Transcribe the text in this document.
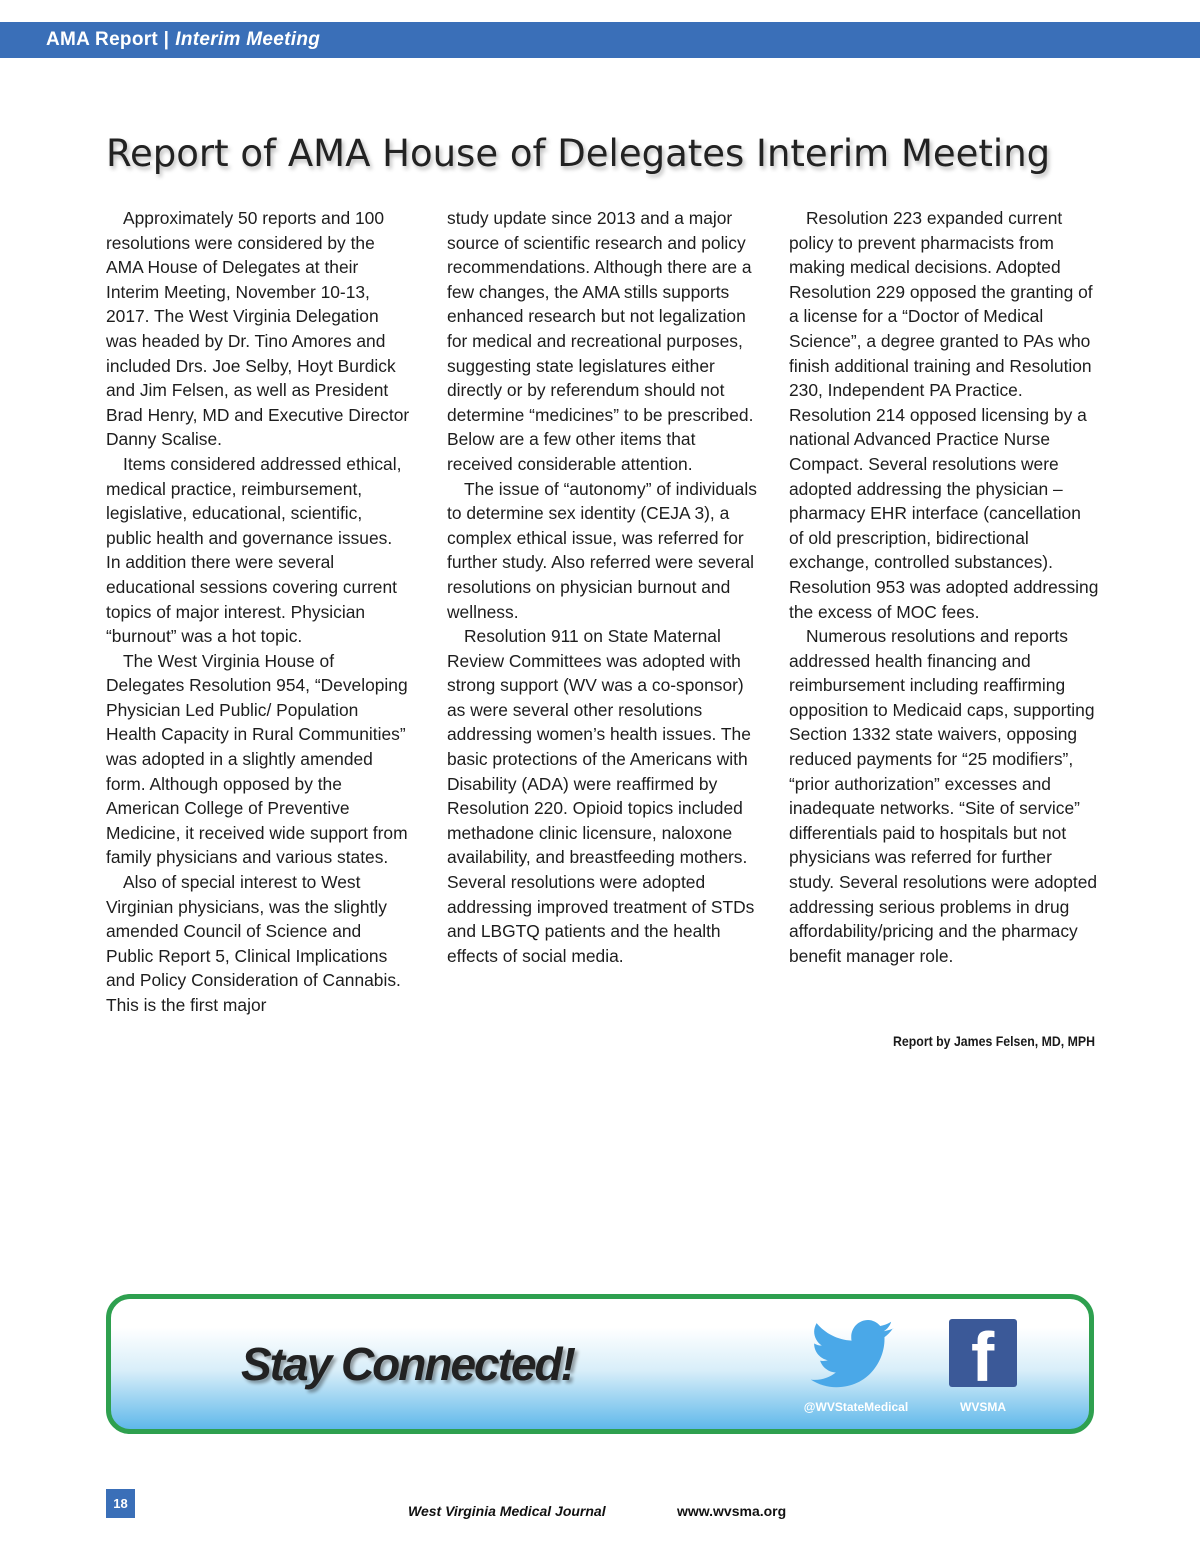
AMA Report | Interim Meeting
Report of AMA House of Delegates Interim Meeting

Approximately 50 reports and 100 resolutions were considered by the AMA House of Delegates at their Interim Meeting, November 10-13, 2017. The West Virginia Delegation was headed by Dr. Tino Amores and included Drs. Joe Selby, Hoyt Burdick and Jim Felsen, as well as President Brad Henry, MD and Executive Director Danny Scalise.

Items considered addressed ethical, medical practice, reimbursement, legislative, educational, scientific, public health and governance issues. In addition there were several educational sessions covering current topics of major interest. Physician “burnout” was a hot topic.

The West Virginia House of Delegates Resolution 954, “Developing Physician Led Public/ Population Health Capacity in Rural Communities” was adopted in a slightly amended form. Although opposed by the American College of Preventive Medicine, it received wide support from family physicians and various states.

Also of special interest to West Virginian physicians, was the slightly amended Council of Science and Public Report 5, Clinical Implications and Policy Consideration of Cannabis. This is the first major

study update since 2013 and a major source of scientific research and policy recommendations. Although there are a few changes, the AMA stills supports enhanced research but not legalization for medical and recreational purposes, suggesting state legislatures either directly or by referendum should not determine “medicines” to be prescribed. Below are a few other items that received considerable attention.

The issue of “autonomy” of individuals to determine sex identity (CEJA 3), a complex ethical issue, was referred for further study. Also referred were several resolutions on physician burnout and wellness.

Resolution 911 on State Maternal Review Committees was adopted with strong support (WV was a co-sponsor) as were several other resolutions addressing women’s health issues. The basic protections of the Americans with Disability (ADA) were reaffirmed by Resolution 220. Opioid topics included methadone clinic licensure, naloxone availability, and breastfeeding mothers. Several resolutions were adopted addressing improved treatment of STDs and LBGTQ patients and the health effects of social media.

Resolution 223 expanded current policy to prevent pharmacists from making medical decisions. Adopted Resolution 229 opposed the granting of a license for a “Doctor of Medical Science”, a degree granted to PAs who finish additional training and Resolution 230, Independent PA Practice. Resolution 214 opposed licensing by a national Advanced Practice Nurse Compact. Several resolutions were adopted addressing the physician – pharmacy EHR interface (cancellation of old prescription, bidirectional exchange, controlled substances). Resolution 953 was adopted addressing the excess of MOC fees.

Numerous resolutions and reports addressed health financing and reimbursement including reaffirming opposition to Medicaid caps, supporting Section 1332 state waivers, opposing reduced payments for “25 modifiers”, “prior authorization” excesses and inadequate networks. “Site of service” differentials paid to hospitals but not physicians was referred for further study. Several resolutions were adopted addressing serious problems in drug affordability/pricing and the pharmacy benefit manager role.

Report by James Felsen, MD, MPH
Stay Connected!
@WVStateMedical
f
WVSMA
18	West Virginia Medical Journal	www.wvsma.org
